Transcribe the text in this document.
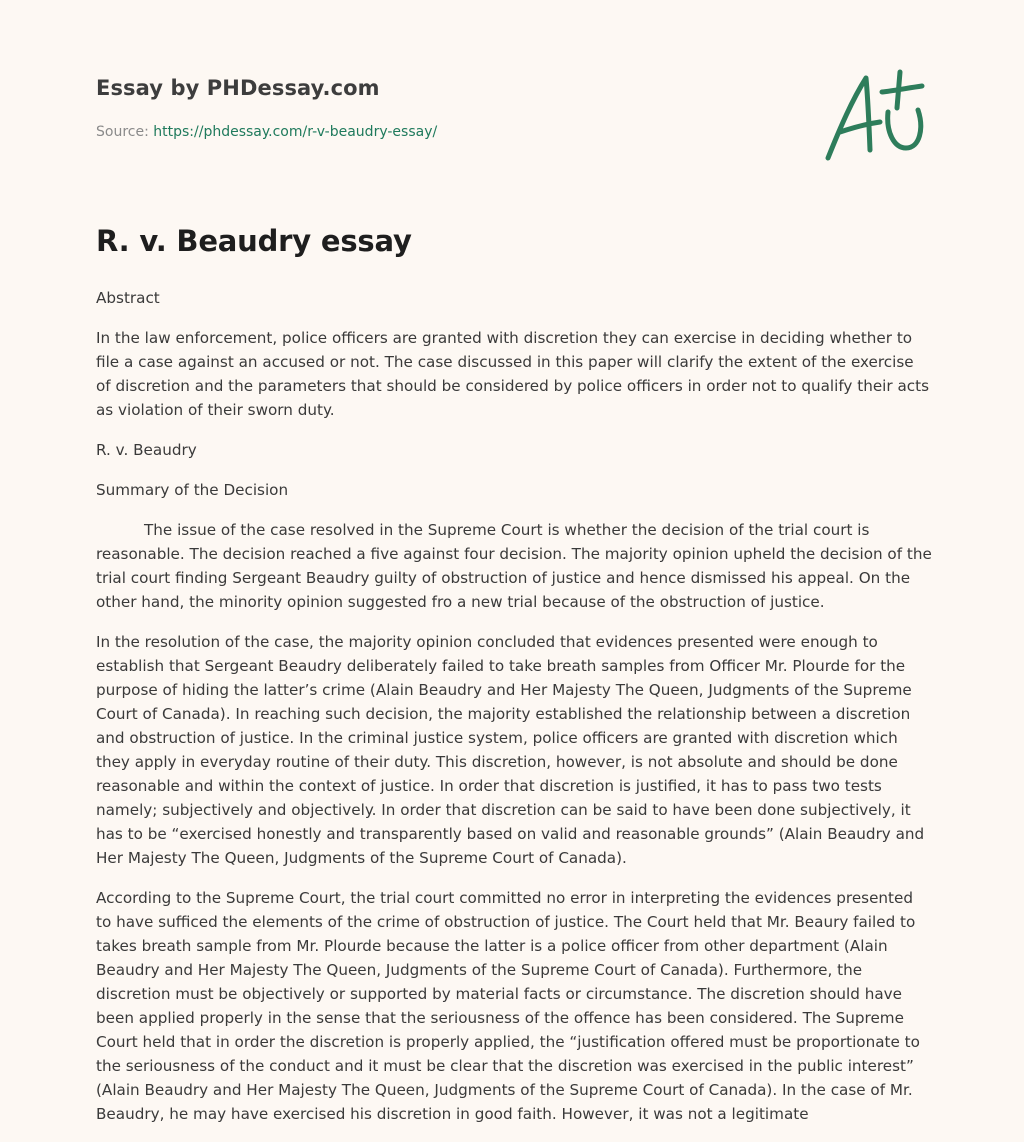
Essay by PHDessay.com
Source: https://phdessay.com/r-v-beaudry-essay/
R. v. Beaudry essay

Abstract

In the law enforcement, police officers are granted with discretion they can exercise in deciding whether to file a case against an accused or not. The case discussed in this paper will clarify the extent of the exercise of discretion and the parameters that should be considered by police officers in order not to qualify their acts as violation of their sworn duty.

R. v. Beaudry

Summary of the Decision

The issue of the case resolved in the Supreme Court is whether the decision of the trial court is reasonable. The decision reached a five against four decision. The majority opinion upheld the decision of the trial court finding Sergeant Beaudry guilty of obstruction of justice and hence dismissed his appeal. On the other hand, the minority opinion suggested fro a new trial because of the obstruction of justice.

In the resolution of the case, the majority opinion concluded that evidences presented were enough to establish that Sergeant Beaudry deliberately failed to take breath samples from Officer Mr. Plourde for the purpose of hiding the latter’s crime (Alain Beaudry and Her Majesty The Queen, Judgments of the Supreme Court of Canada). In reaching such decision, the majority established the relationship between a discretion and obstruction of justice. In the criminal justice system, police officers are granted with discretion which they apply in everyday routine of their duty. This discretion, however, is not absolute and should be done reasonable and within the context of justice. In order that discretion is justified, it has to pass two tests namely; subjectively and objectively. In order that discretion can be said to have been done subjectively, it has to be “exercised honestly and transparently based on valid and reasonable grounds” (Alain Beaudry and Her Majesty The Queen, Judgments of the Supreme Court of Canada).

According to the Supreme Court, the trial court committed no error in interpreting the evidences presented to have sufficed the elements of the crime of obstruction of justice. The Court held that Mr. Beaury failed to takes breath sample from Mr. Plourde because the latter is a police officer from other department (Alain Beaudry and Her Majesty The Queen, Judgments of the Supreme Court of Canada). Furthermore, the discretion must be objectively or supported by material facts or circumstance. The discretion should have been applied properly in the sense that the seriousness of the offence has been considered. The Supreme Court held that in order the discretion is properly applied, the “justification offered must be proportionate to the seriousness of the conduct and it must be clear that the discretion was exercised in the public interest” (Alain Beaudry and Her Majesty The Queen, Judgments of the Supreme Court of Canada). In the case of Mr. Beaudry, he may have exercised his discretion in good faith. However, it was not a legitimate
